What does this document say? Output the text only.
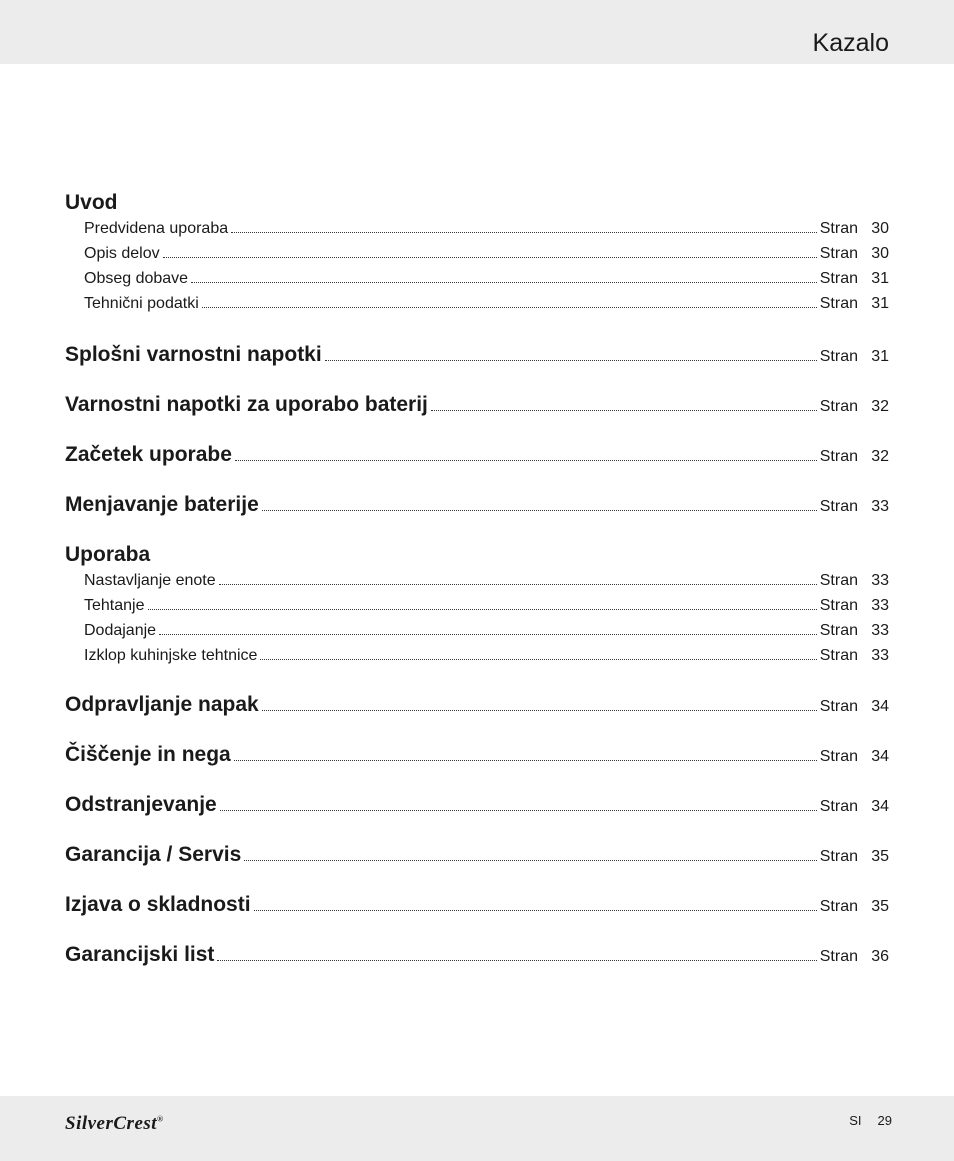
Kazalo
Uvod
Predvidena uporaba	Stran 30
Opis delov	Stran 30
Obseg dobave	Stran 31
Tehnični podatki	Stran 31
Splošni varnostni napotki	Stran 31
Varnostni napotki za uporabo baterij	Stran 32
Začetek uporabe	Stran 32
Menjavanje baterije	Stran 33
Uporaba
Nastavljanje enote	Stran 33
Tehtanje	Stran 33
Dodajanje	Stran 33
Izklop kuhinjske tehtnice	Stran 33
Odpravljanje napak	Stran 34
Čiščenje in nega	Stran 34
Odstranjevanje	Stran 34
Garancija / Servis	Stran 35
Izjava o skladnosti	Stran 35
Garancijski list	Stran 36
SilverCrest®	SI 29
